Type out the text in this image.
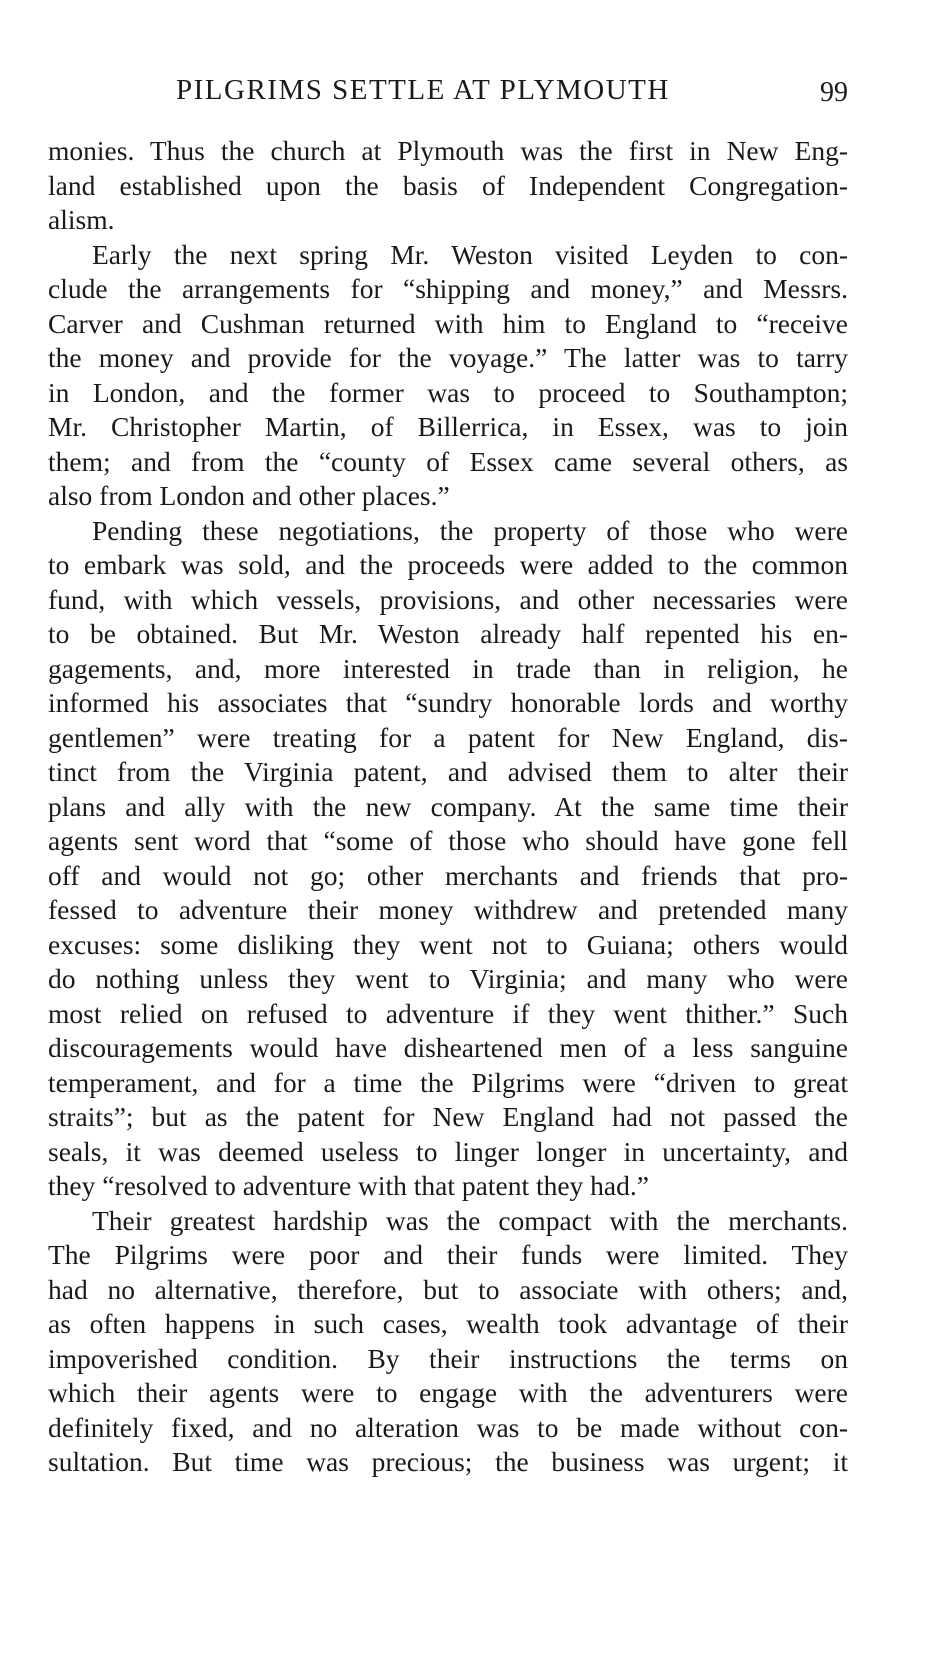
PILGRIMS SETTLE AT PLYMOUTH	99
monies. Thus the church at Plymouth was the first in New Eng-
land established upon the basis of Independent Congregation-
alism.
Early the next spring Mr. Weston visited Leyden to con-
clude the arrangements for “shipping and money,” and Messrs.
Carver and Cushman returned with him to England to “receive
the money and provide for the voyage.” The latter was to tarry
in London, and the former was to proceed to Southampton;
Mr. Christopher Martin, of Billerrica, in Essex, was to join
them; and from the “county of Essex came several others, as
also from London and other places.”
Pending these negotiations, the property of those who were
to embark was sold, and the proceeds were added to the common
fund, with which vessels, provisions, and other necessaries were
to be obtained. But Mr. Weston already half repented his en-
gagements, and, more interested in trade than in religion, he
informed his associates that “sundry honorable lords and worthy
gentlemen” were treating for a patent for New England, dis-
tinct from the Virginia patent, and advised them to alter their
plans and ally with the new company. At the same time their
agents sent word that “some of those who should have gone fell
off and would not go; other merchants and friends that pro-
fessed to adventure their money withdrew and pretended many
excuses: some disliking they went not to Guiana; others would
do nothing unless they went to Virginia; and many who were
most relied on refused to adventure if they went thither.” Such
discouragements would have disheartened men of a less sanguine
temperament, and for a time the Pilgrims were “driven to great
straits”; but as the patent for New England had not passed the
seals, it was deemed useless to linger longer in uncertainty, and
they “resolved to adventure with that patent they had.”
Their greatest hardship was the compact with the merchants.
The Pilgrims were poor and their funds were limited. They
had no alternative, therefore, but to associate with others; and,
as often happens in such cases, wealth took advantage of their
impoverished condition. By their instructions the terms on
which their agents were to engage with the adventurers were
definitely fixed, and no alteration was to be made without con-
sultation. But time was precious; the business was urgent; it
